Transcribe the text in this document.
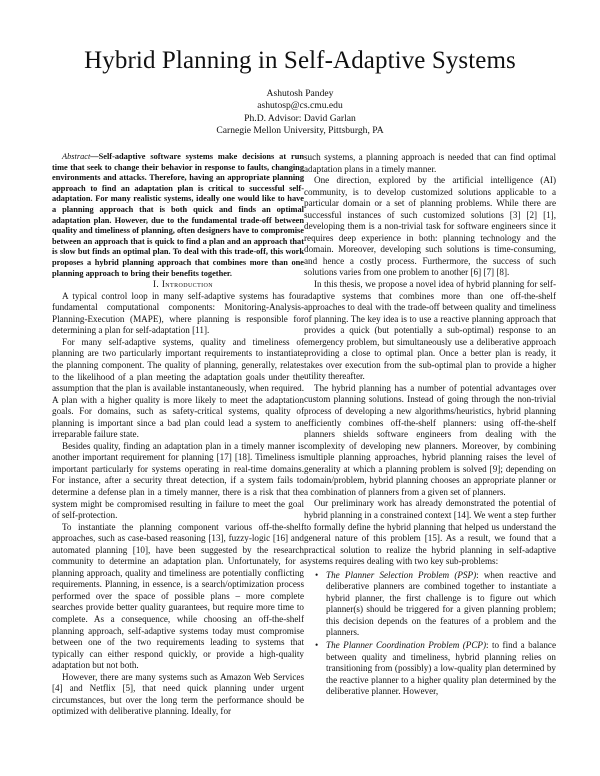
Hybrid Planning in Self-Adaptive Systems
Ashutosh Pandey
ashutosp@cs.cmu.edu
Ph.D. Advisor: David Garlan
Carnegie Mellon University, Pittsburgh, PA

Abstract—Self-adaptive software systems make decisions at run time that seek to change their behavior in response to faults, changing environments and attacks. Therefore, having an appropriate planning approach to find an adaptation plan is critical to successful self-adaptation. For many realistic systems, ideally one would like to have a planning approach that is both quick and finds an optimal adaptation plan. However, due to the fundamental trade-off between quality and timeliness of planning, often designers have to compromise between an approach that is quick to find a plan and an approach that is slow but finds an optimal plan. To deal with this trade-off, this work proposes a hybrid planning approach that combines more than one planning approach to bring their benefits together.

I. Introduction

A typical control loop in many self-adaptive systems has four fundamental computational components: Monitoring-Analysis-Planning-Execution (MAPE), where planning is responsible for determining a plan for self-adaptation [11].

For many self-adaptive systems, quality and timeliness of planning are two particularly important requirements to instantiate the planning component. The quality of planning, generally, relates to the likelihood of a plan meeting the adaptation goals under the assumption that the plan is available instantaneously, when required. A plan with a higher quality is more likely to meet the adaptation goals. For domains, such as safety-critical systems, quality of planning is important since a bad plan could lead a system to an irreparable failure state.

Besides quality, finding an adaptation plan in a timely manner is another important requirement for planning [17] [18]. Timeliness is important particularly for systems operating in real-time domains. For instance, after a security threat detection, if a system fails to determine a defense plan in a timely manner, there is a risk that the system might be compromised resulting in failure to meet the goal of self-protection.

To instantiate the planning component various off-the-shelf approaches, such as case-based reasoning [13], fuzzy-logic [16] and automated planning [10], have been suggested by the research community to determine an adaptation plan. Unfortunately, for a planning approach, quality and timeliness are potentially conflicting requirements. Planning, in essence, is a search/optimization process performed over the space of possible plans – more complete searches provide better quality guarantees, but require more time to complete. As a consequence, while choosing an off-the-shelf planning approach, self-adaptive systems today must compromise between one of the two requirements leading to systems that typically can either respond quickly, or provide a high-quality adaptation but not both.

However, there are many systems such as Amazon Web Services [4] and Netflix [5], that need quick planning under urgent circumstances, but over the long term the performance should be optimized with deliberative planning. Ideally, for

such systems, a planning approach is needed that can find optimal adaptation plans in a timely manner.

One direction, explored by the artificial intelligence (AI) community, is to develop customized solutions applicable to a particular domain or a set of planning problems. While there are successful instances of such customized solutions [3] [2] [1], developing them is a non-trivial task for software engineers since it requires deep experience in both: planning technology and the domain. Moreover, developing such solutions is time-consuming, and hence a costly process. Furthermore, the success of such solutions varies from one problem to another [6] [7] [8].

In this thesis, we propose a novel idea of hybrid planning for self-adaptive systems that combines more than one off-the-shelf approaches to deal with the trade-off between quality and timeliness of planning. The key idea is to use a reactive planning approach that provides a quick (but potentially a sub-optimal) response to an emergency problem, but simultaneously use a deliberative approach providing a close to optimal plan. Once a better plan is ready, it takes over execution from the sub-optimal plan to provide a higher utility thereafter.

The hybrid planning has a number of potential advantages over custom planning solutions. Instead of going through the non-trivial process of developing a new algorithms/heuristics, hybrid planning efficiently combines off-the-shelf planners: using off-the-shelf planners shields software engineers from dealing with the complexity of developing new planners. Moreover, by combining multiple planning approaches, hybrid planning raises the level of generality at which a planning problem is solved [9]; depending on domain/problem, hybrid planning chooses an appropriate planner or a combination of planners from a given set of planners.

Our preliminary work has already demonstrated the potential of hybrid planning in a constrained context [14]. We went a step further to formally define the hybrid planning that helped us understand the general nature of this problem [15]. As a result, we found that a practical solution to realize the hybrid planning in self-adaptive systems requires dealing with two key sub-problems:

• The Planner Selection Problem (PSP): when reactive and deliberative planners are combined together to instantiate a hybrid planner, the first challenge is to figure out which planner(s) should be triggered for a given planning problem; this decision depends on the features of a problem and the planners.
• The Planner Coordination Problem (PCP): to find a balance between quality and timeliness, hybrid planning relies on transitioning from (possibly) a low-quality plan determined by the reactive planner to a higher quality plan determined by the deliberative planner. However,
